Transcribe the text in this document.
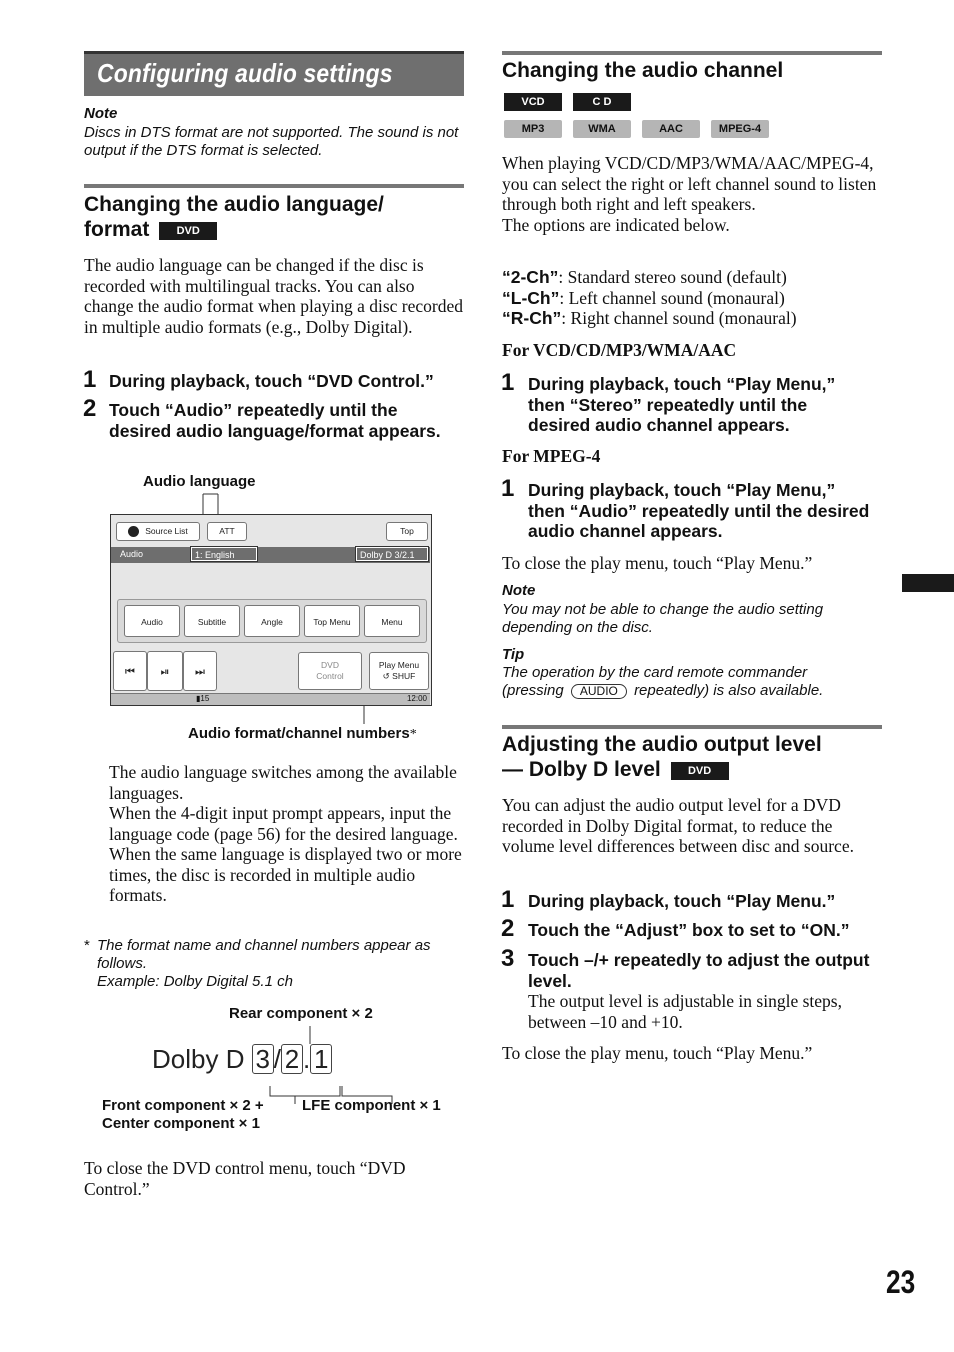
Configuring audio settings
Note
Discs in DTS format are not supported. The sound is not output if the DTS format is selected.
Changing the audio language/
format DVD
The audio language can be changed if the disc is recorded with multilingual tracks. You can also change the audio format when playing a disc recorded in multiple audio formats (e.g., Dolby Digital).
1 During playback, touch “DVD Control.”
2 Touch “Audio” repeatedly until the desired audio language/format appears.
Audio language
Source List	ATT	Top
Audio	1: English	Dolby D 3/2.1
Audio	Subtitle	Angle	Top Menu	Menu
⏮	⏯	⏭
DVD
Control
Play Menu
↺ SHUF
▮15	12:00
Audio format/channel numbers*
The audio language switches among the available languages.
When the 4-digit input prompt appears, input the language code (page 56) for the desired language.
When the same language is displayed two or more times, the disc is recorded in multiple audio formats.
* The format name and channel numbers appear as follows.
Example: Dolby Digital 5.1 ch
Rear component × 2
Dolby D 3 / 2 . 1
Front component × 2 +
Center component × 1
LFE component × 1
To close the DVD control menu, touch “DVD Control.”
Changing the audio channel
VCD	C D
MP3	WMA	AAC	MPEG-4
When playing VCD/CD/MP3/WMA/AAC/MPEG-4, you can select the right or left channel sound to listen through both right and left speakers.
The options are indicated below.
“2-Ch”: Standard stereo sound (default)
“L-Ch”: Left channel sound (monaural)
“R-Ch”: Right channel sound (monaural)
For VCD/CD/MP3/WMA/AAC
1 During playback, touch “Play Menu,” then “Stereo” repeatedly until the desired audio channel appears.
For MPEG-4
1 During playback, touch “Play Menu,” then “Audio” repeatedly until the desired audio channel appears.
To close the play menu, touch “Play Menu.”
Note
You may not be able to change the audio setting depending on the disc.
Tip
The operation by the card remote commander
(pressing AUDIO repeatedly) is also available.
Adjusting the audio output level
— Dolby D level DVD
You can adjust the audio output level for a DVD recorded in Dolby Digital format, to reduce the volume level differences between disc and source.
1 During playback, touch “Play Menu.”
2 Touch the “Adjust” box to set to “ON.”
3 Touch –/+ repeatedly to adjust the output level.
The output level is adjustable in single steps, between –10 and +10.
To close the play menu, touch “Play Menu.”
23
